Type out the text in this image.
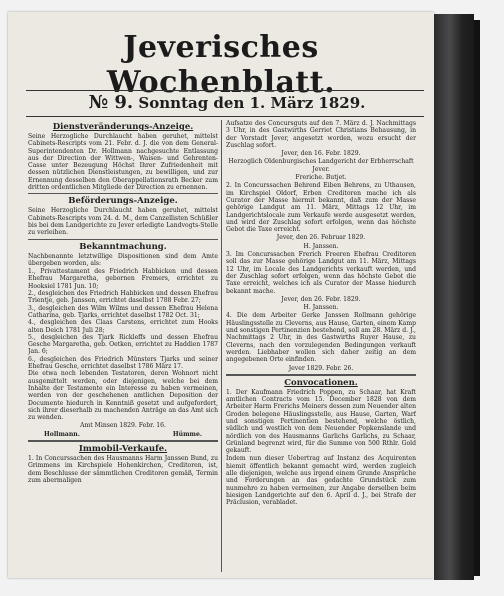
Jeverisches Wochenblatt.
№ 9. Sonntag den 1. März 1829.
Dienstveränderungs-Anzeige.
Seine Herzogliche Durchlaucht haben geruhet, mittelst Cabinets-Rescripts vom 21. Febr. d. J. die von dem General-Superintendenten Dr. Hollmann nachgesuchte Entlassung aus der Direction der Wittwen-, Waisen- und Gehrenten-Casse unter Bezeugung Höchst Ihrer Zufriedenheit mit dessen nützlichen Dienstleistungen, zu bewilligen, und zur Ernennung desselben den Oberappellationsrath Becker zum dritten ordentlichen Mitgliede der Direction zu ernennen.
Beförderungs-Anzeige.
Seine Herzogliche Durchlaucht haben geruhet, mittelst Cabinets-Rescripts vom 24. d. M., dem Canzellisten Schüßler bis bei dem Landgerichte zu Jever erledigte Landvogts-Stelle zu verleihen.
Bekanntmachung.
Nachbenannte letztwillige Dispositionen sind dem Amte übergeben worden, als:
1., Privattestament des Friedrich Habbicken und dessen Ehefrau Margaretha, gebornen Fremers, errichtet zu Hooksiel 1781 Jun. 10;
2., desgleichen des Friedrich Habbicken und dessen Ehefrau Trientje, geb. Janssen, errichtet daselbst 1788 Febr. 27;
3., desgleichen des Wilm Wilms und dessen Ehefrau Helena Catharina, geb. Tjarks, errichtet daselbst 1782 Oct. 31;
4., desgleichen des Claas Carstens, errichtet zum Hooks alten Deich 1781 Juli 28;
5., desgleichen des Tjark Rickleffs und dessen Ehefrau Gesche Margaretha, geb. Oetken, errichtet zu Haddien 1787 Jan. 6;
6., desgleichen des Friedrich Münsters Tjarks und seiner Ehefrau Gesche, errichtet daselbst 1786 März 17.
Die etwa noch lebenden Testatoren, deren Wohnort nicht ausgemittelt werden, oder diejenigen, welche bei dem Inhalte der Testamente ein Interesse zu haben vermeinen, werden von der geschehenen amtlichen Deposition der Documente hiedurch in Kenntniß gesetzt und aufgefordert, sich ihrer dieserhalb zu machenden Anträge an das Amt sich zu wenden.
Amt Minsen 1829. Febr. 16.
Hollmann.	Hümme.
Immobil-Verkaufe.
1. In Concurssachen des Hausmanns Harm Janssen Bund, zu Grimmens im Kirchspiele Hohenkirchen, Creditoren, ist, dem Beschlusse der sämmtlichen Creditoren gemäß, Termin zum abermaligen
Aufsatze des Concursguts auf den 7. März d. J. Nachmittags 3 Uhr, in des Gastwirths Gerriet Christians Behausung, in der Vorstadt Jever, angesetzt worden, wozu ersucht der Zuschlag sofort.
Jever, den 16. Febr. 1829.
Herzoglich Oldenburgisches Landgericht der Erbherrschaft Jever.
Freriche. Butjet.
2. In Concurssachen Behrend Eiben Behrens, zu Uthausen, im Kirchspiel Oldorf, Erben Creditoren mache ich als Curator der Masse hiermit bekannt, daß zum der Masse gehörige Landgut am 11. März, Mittags 12 Uhr, im Landgerichtslocale zum Verkaufe werde ausgesetzt werden, und wird der Zuschlag sofort erfolgen, wenn das höchste Gebot die Taxe erreicht.
Jever, den 26. Februar 1829.
H. Janssen.
3. Im Concurssachen Frerich Freeren Ehefrau Creditoren soll das zur Masse gehörige Landgut am 11. März, Mittags 12 Uhr, im Locale des Landgerichts verkauft werden, und der Zuschlag sofort erfolgen, wenn das höchste Gebot die Taxe erreicht, welches ich als Curator der Masse hiedurch bekannt mache.
Jever, den 26. Febr. 1829.
H. Janssen.
4. Die dem Arbeiter Gerke Janssen Rollmann gehörige Häuslingsstelle zu Cleverns, aus Hause, Garten, einem Kamp und sonstigen Pertinenzien bestehend, soll am 28. März d. J., Nachmittags 2 Uhr, in des Gastwirths Ruyer Hause, zu Cleverns, nach den vorzulegenden Bedingungen verkauft werden. Liebhaber wollen sich daher zeitig an dem angegebenen Orte einfinden.
Jever 1829. Febr. 26.
Convocationen.
1. Der Kaufmann Friedrich Poppen, zu Schaar, hat Kraft amtlichen Contracts vom 15. December 1828 von dem Arbeiter Harm Frerichs Meiners dessen zum Neuender alten Groden belegene Häuslingsstelle, aus Hause, Garten, Warf und sonstigen Pertinentien bestehend, welche östlich, südlich und westlich von dem Neuender Popkenslande und nördlich von des Hausmanns Garlichs Garlichs, zu Schaar, Grünland begrenzt wird, für die Summe von 500 Rthlr. Gold gekauft.
Indem nun dieser Uebertrag auf Instanz des Acquirenten hiemit öffentlich bekannt gemacht wird, werden zugleich alle diejenigen, welche aus irgend einem Grunde Ansprüche und Forderungen an das gedachte Grundstück zum nunmehro zu haben vermeinen, zur Angabe derselben beim hiesigen Landgerichte auf den 6. April d. J., bei Strafe der Präclusion, verabladet.
